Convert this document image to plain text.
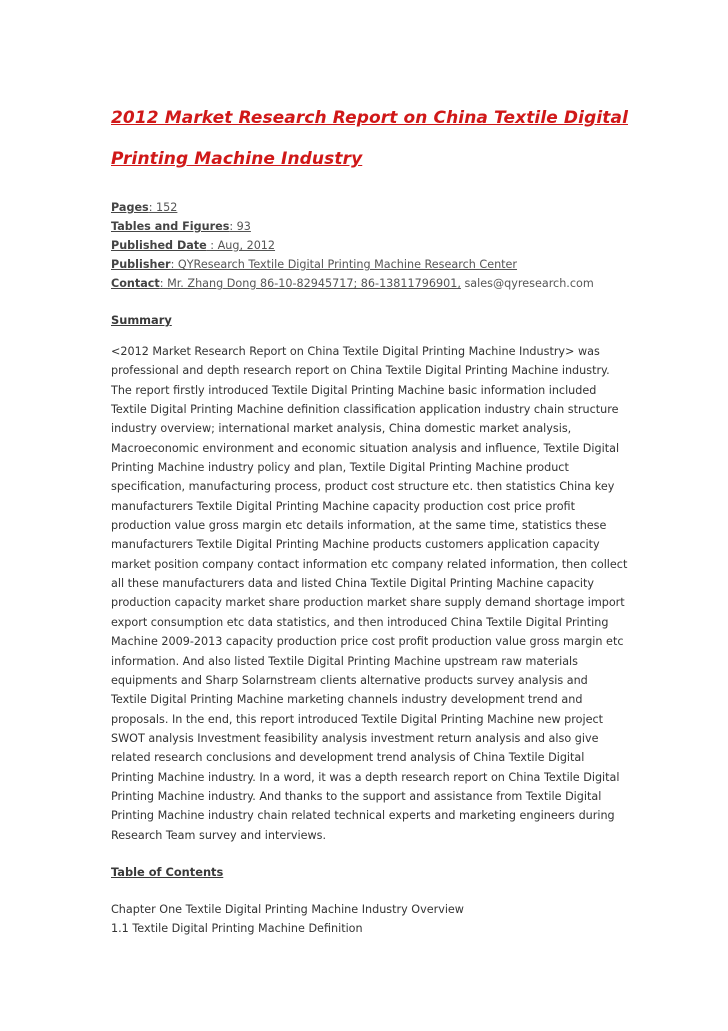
2012 Market Research Report on China Textile Digital
Printing Machine Industry
Pages: 152
Tables and Figures: 93
Published Date : Aug, 2012
Publisher: QYResearch Textile Digital Printing Machine Research Center
Contact: Mr. Zhang Dong 86-10-82945717; 86-13811796901, sales@qyresearch.com
Summary
<2012 Market Research Report on China Textile Digital Printing Machine Industry> was
professional and depth research report on China Textile Digital Printing Machine industry.
The report firstly introduced Textile Digital Printing Machine basic information included
Textile Digital Printing Machine definition classification application industry chain structure
industry overview; international market analysis, China domestic market analysis,
Macroeconomic environment and economic situation analysis and influence, Textile Digital
Printing Machine industry policy and plan, Textile Digital Printing Machine product
specification, manufacturing process, product cost structure etc. then statistics China key
manufacturers Textile Digital Printing Machine capacity production cost price profit
production value gross margin etc details information, at the same time, statistics these
manufacturers Textile Digital Printing Machine products customers application capacity
market position company contact information etc company related information, then collect
all these manufacturers data and listed China Textile Digital Printing Machine capacity
production capacity market share production market share supply demand shortage import
export consumption etc data statistics, and then introduced China Textile Digital Printing
Machine 2009-2013 capacity production price cost profit production value gross margin etc
information. And also listed Textile Digital Printing Machine upstream raw materials
equipments and Sharp Solarnstream clients alternative products survey analysis and
Textile Digital Printing Machine marketing channels industry development trend and
proposals. In the end, this report introduced Textile Digital Printing Machine new project
SWOT analysis Investment feasibility analysis investment return analysis and also give
related research conclusions and development trend analysis of China Textile Digital
Printing Machine industry. In a word, it was a depth research report on China Textile Digital
Printing Machine industry. And thanks to the support and assistance from Textile Digital
Printing Machine industry chain related technical experts and marketing engineers during
Research Team survey and interviews.
Table of Contents
Chapter One Textile Digital Printing Machine Industry Overview
1.1 Textile Digital Printing Machine Definition
